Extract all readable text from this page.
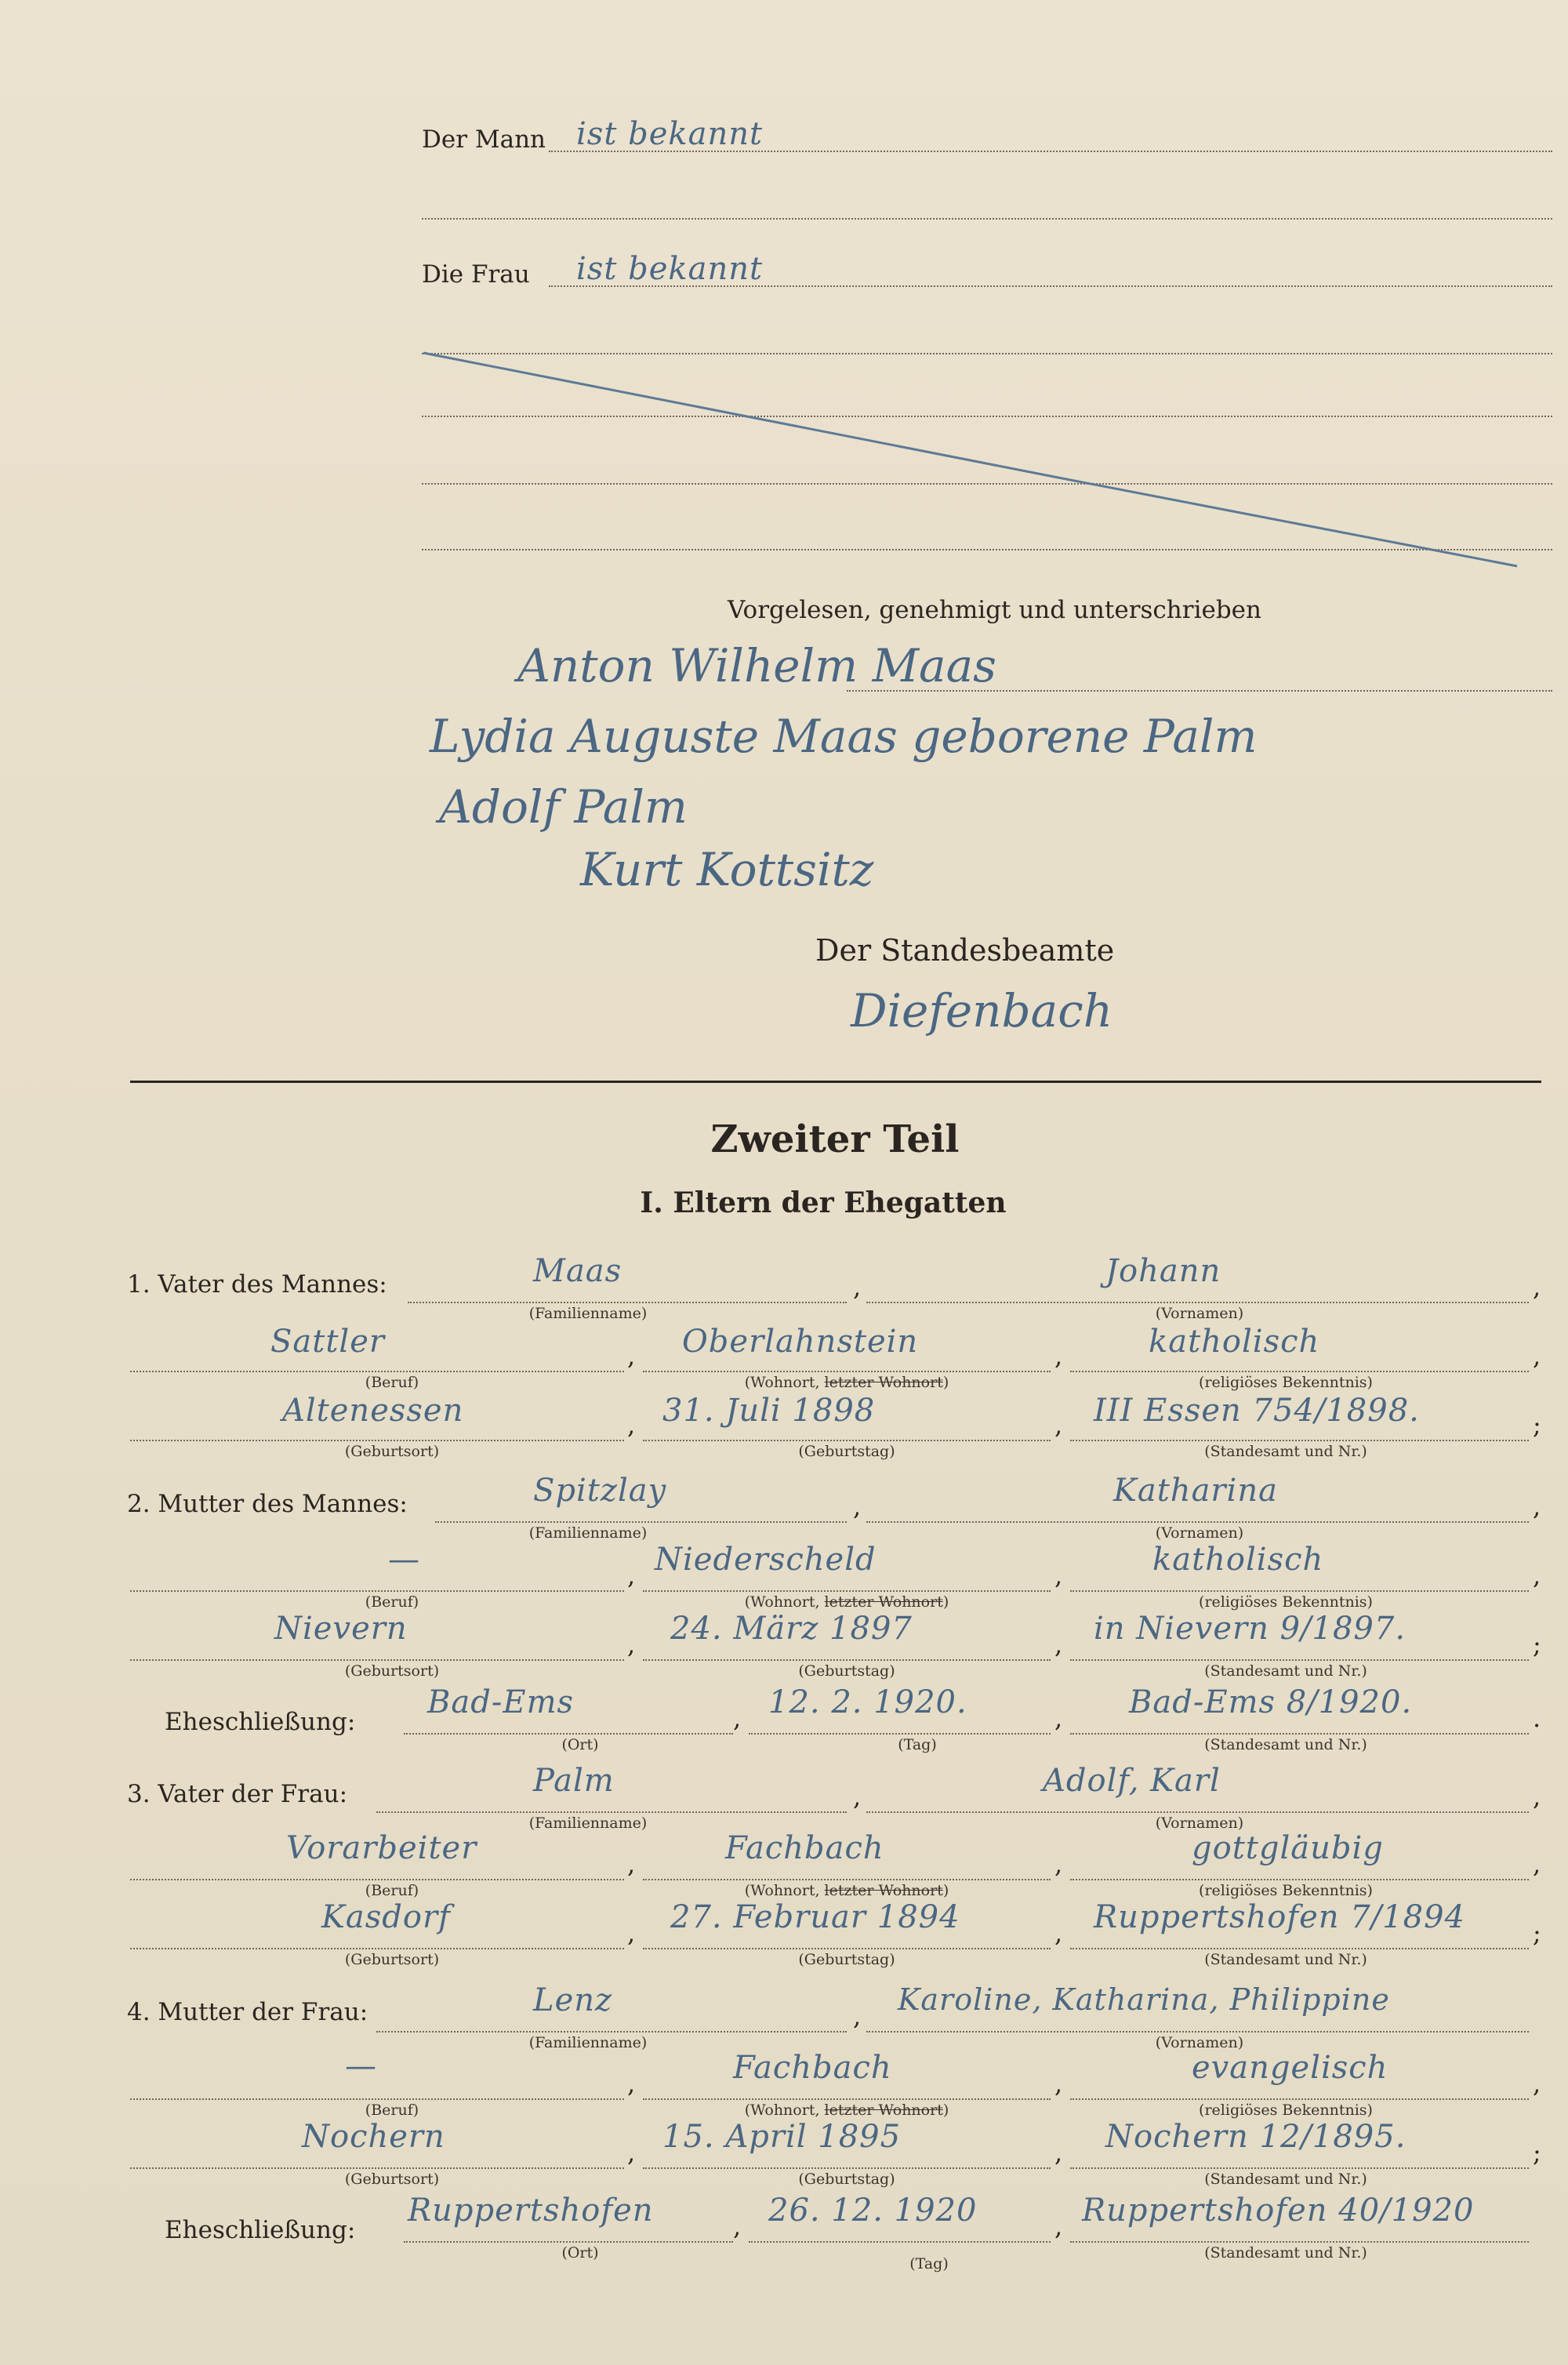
Der Mann ist bekannt
Die Frau ist bekannt
Vorgelesen, genehmigt und unterschrieben
Anton Wilhelm Maas
Lydia Auguste Maas geborene Palm
Adolf Palm
Kurt Kottsitz
Der Standesbeamte
Diefenbach
Zweiter Teil
I. Eltern der Ehegatten
1. Vater des Mannes:	Maas
(Familienname)
,	Johann
(Vornamen)
,
Sattler
(Beruf)
, Oberlahnstein
(Wohnort, letzter Wohnort)
,	katholisch
(religiöses Bekenntnis)
,
Altenessen
(Geburtsort)
, 31. Juli 1898
(Geburtstag)
, III Essen 754/1898.
(Standesamt und Nr.)
;
2. Mutter des Mannes:	Spitzlay
(Familienname)
,	Katharina
(Vornamen)
,
—
(Beruf)
, Niederscheld
(Wohnort, letzter Wohnort)
,	katholisch
(religiöses Bekenntnis)
,
Nievern
(Geburtsort)
, 24. März 1897
(Geburtstag)
, in Nievern 9/1897.
(Standesamt und Nr.)
;
Eheschließung:
Bad-Ems
(Ort)
, 12. 2. 1920.
(Tag)
, Bad-Ems 8/1920.
(Standesamt und Nr.)
.
3. Vater der Frau:	Palm
(Familienname)
,	Adolf, Karl
(Vornamen)
,
Vorarbeiter
(Beruf)
,	Fachbach
(Wohnort, letzter Wohnort)
,	gottgläubig
(religiöses Bekenntnis)
,
Kasdorf
(Geburtsort)
, 27. Februar 1894
(Geburtstag)
, Ruppertshofen 7/1894
(Standesamt und Nr.)
;
4. Mutter der Frau:	Lenz
(Familienname)
, Karoline, Katharina, Philippine
(Vornamen)
—
(Beruf)
,	Fachbach
(Wohnort, letzter Wohnort)
,	evangelisch
(religiöses Bekenntnis)
,
Nochern
(Geburtsort)
, 15. April 1895
(Geburtstag)
, Nochern 12/1895.
(Standesamt und Nr.)
;
Eheschließung:
Ruppertshofen
(Ort)
, 26. 12. 1920
(Tag)
, Ruppertshofen 40/1920
(Standesamt und Nr.)
